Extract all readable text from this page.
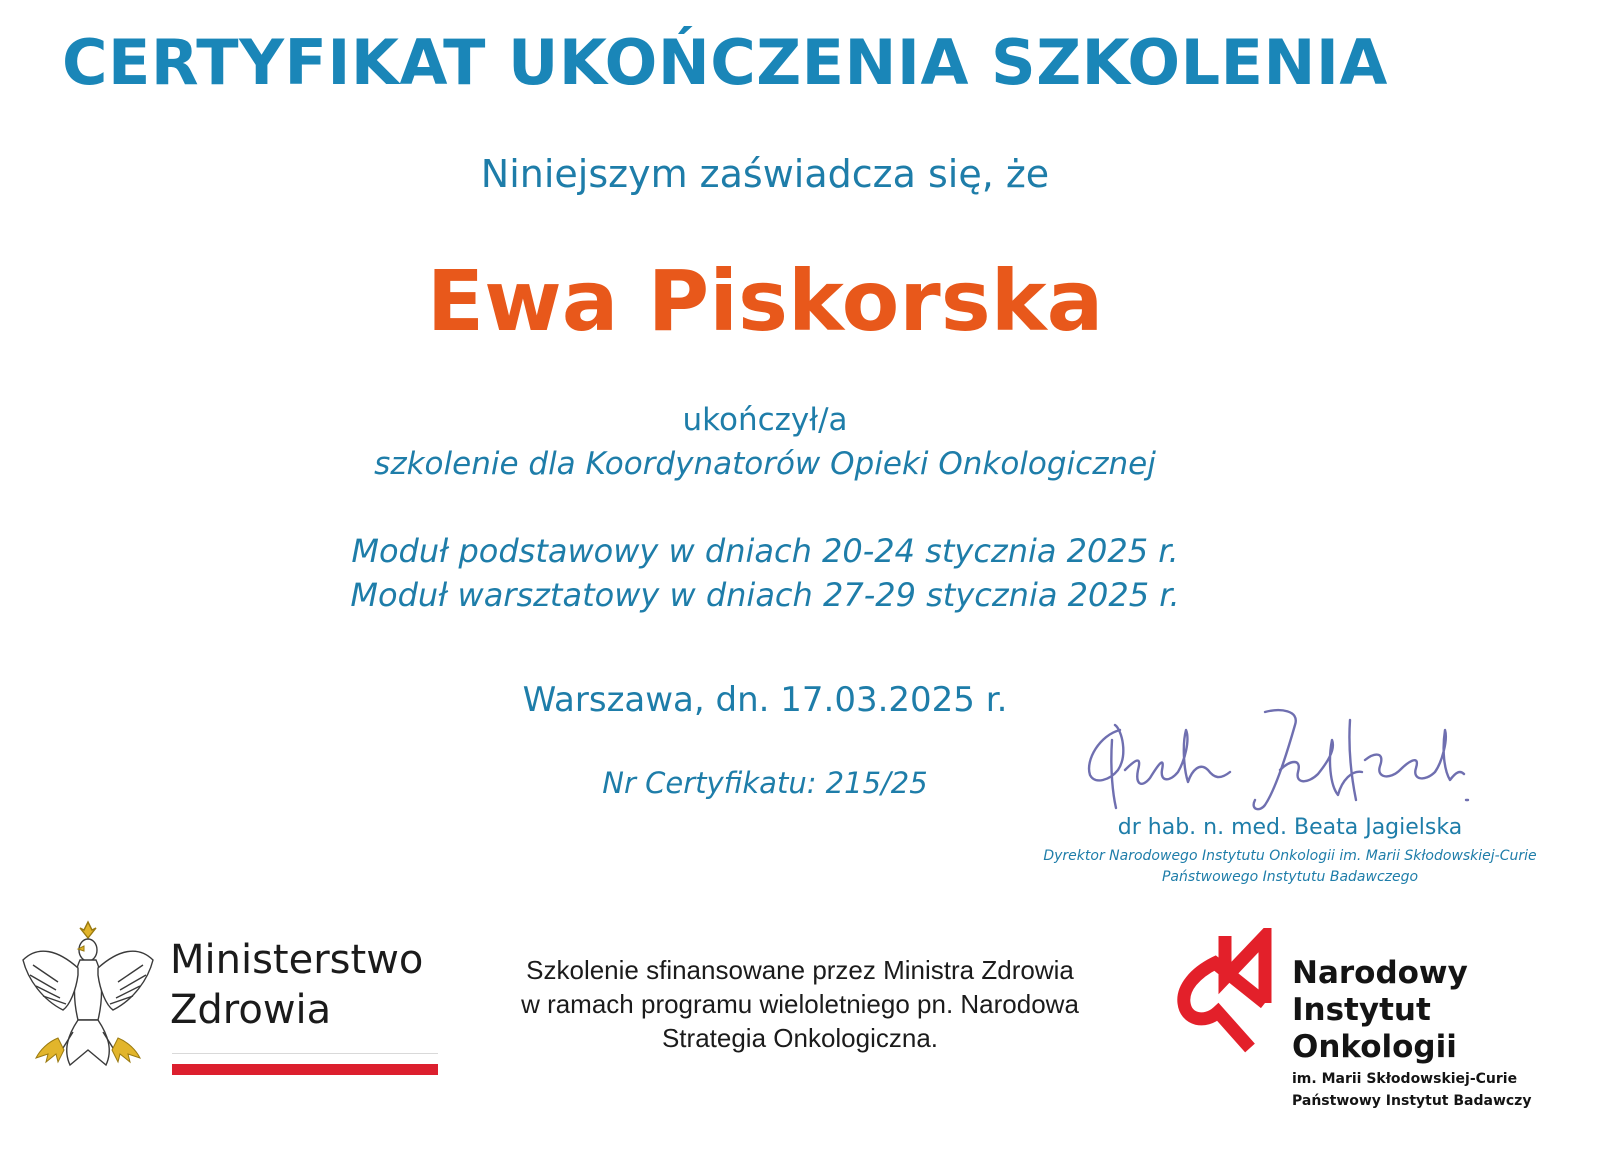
CERTYFIKAT UKOŃCZENIA SZKOLENIA
Niniejszym zaświadcza się, że
Ewa Piskorska
ukończył/a
szkolenie dla Koordynatorów Opieki Onkologicznej
Moduł podstawowy w dniach 20-24 stycznia 2025 r.
Moduł warsztatowy w dniach 27-29 stycznia 2025 r.
Warszawa, dn. 17.03.2025 r.
Nr Certyfikatu: 215/25
dr hab. n. med. Beata Jagielska
Dyrektor Narodowego Instytutu Onkologii im. Marii Skłodowskiej-Curie
Państwowego Instytutu Badawczego
Ministerstwo
Zdrowia
Szkolenie sfinansowane przez Ministra Zdrowia
w ramach programu wieloletniego pn. Narodowa
Strategia Onkologiczna.
Narodowy
Instytut
Onkologii
im. Marii Skłodowskiej-Curie
Państwowy Instytut Badawczy
